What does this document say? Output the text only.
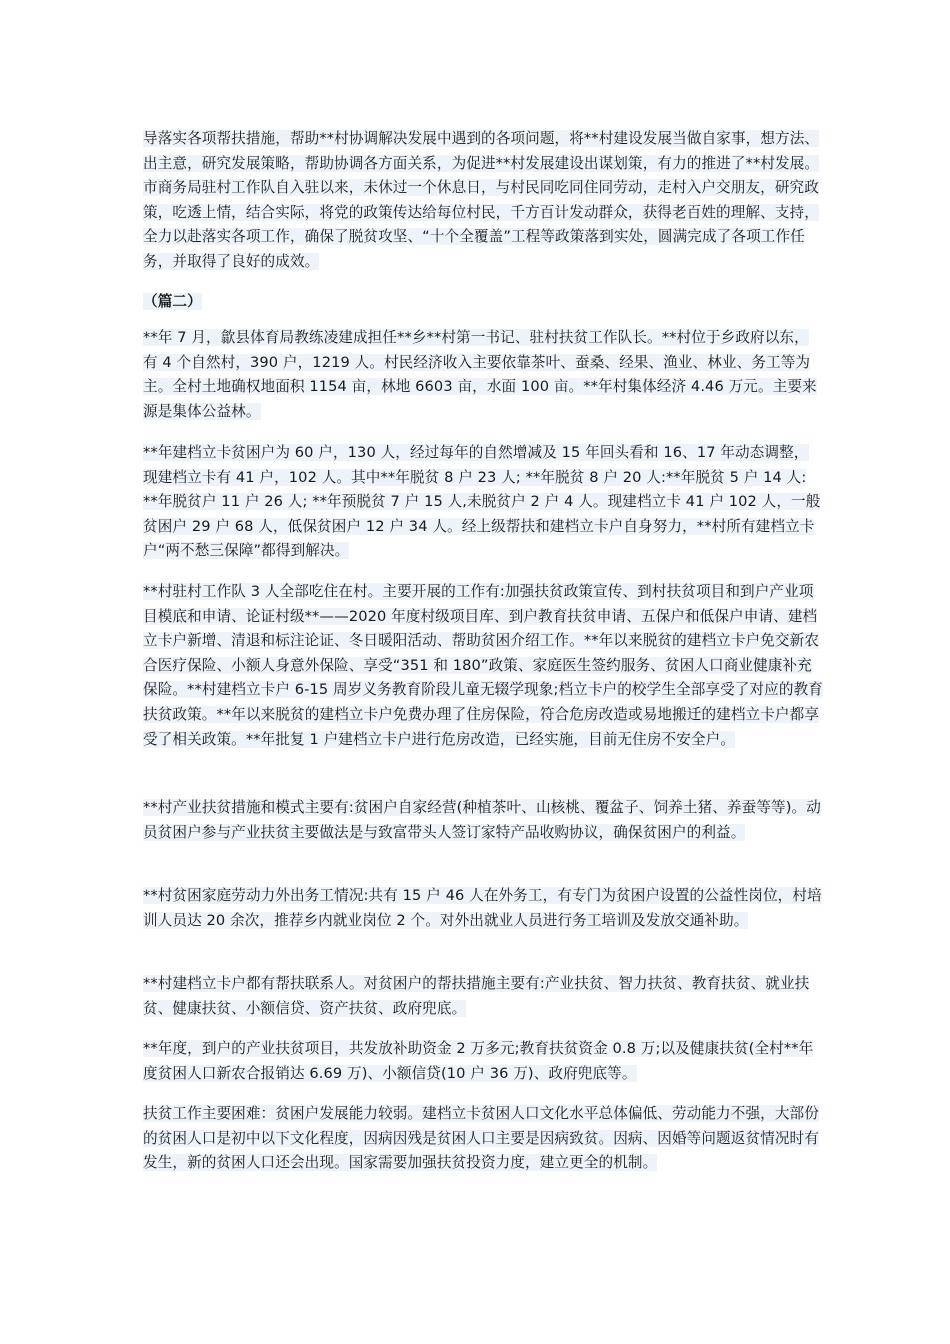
导落实各项帮扶措施，帮助**村协调解决发展中遇到的各项问题，将**村建设发展当做自家事，想方法、出主意，研究发展策略，帮助协调各方面关系，为促进**村发展建设出谋划策，有力的推进了**村发展。市商务局驻村工作队自入驻以来，未休过一个休息日，与村民同吃同住同劳动，走村入户交朋友，研究政策，吃透上情，结合实际，将党的政策传达给每位村民，千方百计发动群众，获得老百姓的理解、支持，全力以赴落实各项工作，确保了脱贫攻坚、“十个全覆盖”工程等政策落到实处，圆满完成了各项工作任务，并取得了良好的成效。

（篇二）

**年 7 月，歙县体育局教练凌建成担任**乡**村第一书记、驻村扶贫工作队长。**村位于乡政府以东，有 4 个自然村，390 户，1219 人。村民经济收入主要依靠茶叶、蚕桑、经果、渔业、林业、务工等为主。全村土地确权地面积 1154 亩，林地 6603 亩，水面 100 亩。**年村集体经济 4.46 万元。主要来源是集体公益林。

**年建档立卡贫困户为 60 户，130 人，经过每年的自然增减及 15 年回头看和 16、17 年动态调整，现建档立卡有 41 户，102 人。其中**年脱贫 8 户 23 人; **年脱贫 8 户 20 人:**年脱贫 5 户 14 人: **年脱贫户 11 户 26 人; **年预脱贫 7 户 15 人,未脱贫户 2 户 4 人。现建档立卡 41 户 102 人，一般贫困户 29 户 68 人，低保贫困户 12 户 34 人。经上级帮扶和建档立卡户自身努力，**村所有建档立卡户“两不愁三保障”都得到解决。

**村驻村工作队 3 人全部吃住在村。主要开展的工作有:加强扶贫政策宣传、到村扶贫项目和到户产业项目模底和申请、论证村级**——2020 年度村级项目库、到户教育扶贫申请、五保户和低保户申请、建档立卡户新增、清退和标注论证、冬日暖阳活动、帮助贫困介绍工作。**年以来脱贫的建档立卡户免交新农合医疗保险、小额人身意外保险、享受“351 和 180”政策、家庭医生签约服务、贫困人口商业健康补充保险。**村建档立卡户 6-15 周岁义务教育阶段儿童无辍学现象;档立卡户的校学生全部享受了对应的教育扶贫政策。**年以来脱贫的建档立卡户免费办理了住房保险，符合危房改造或易地搬迁的建档立卡户都享受了相关政策。**年批复 1 户建档立卡户进行危房改造，已经实施，目前无住房不安全户。

**村产业扶贫措施和模式主要有:贫困户自家经营(种植茶叶、山核桃、覆盆子、饲养土猪、养蚕等等)。动员贫困户参与产业扶贫主要做法是与致富带头人签订家特产品收购协议，确保贫困户的利益。

**村贫困家庭劳动力外出务工情况:共有 15 户 46 人在外务工，有专门为贫困户设置的公益性岗位，村培训人员达 20 余次，推荐乡内就业岗位 2 个。对外出就业人员进行务工培训及发放交通补助。

**村建档立卡户都有帮扶联系人。对贫困户的帮扶措施主要有:产业扶贫、智力扶贫、教育扶贫、就业扶贫、健康扶贫、小额信贷、资产扶贫、政府兜底。

**年度，到户的产业扶贫项目，共发放补助资金 2 万多元;教育扶贫资金 0.8 万;以及健康扶贫(全村**年度贫困人口新农合报销达 6.69 万)、小额信贷(10 户 36 万)、政府兜底等。

扶贫工作主要困难：贫困户发展能力较弱。建档立卡贫困人口文化水平总体偏低、劳动能力不强，大部份的贫困人口是初中以下文化程度，因病因残是贫困人口主要是因病致贫。因病、因婚等问题返贫情况时有发生，新的贫困人口还会出现。国家需要加强扶贫投资力度，建立更全的机制。
